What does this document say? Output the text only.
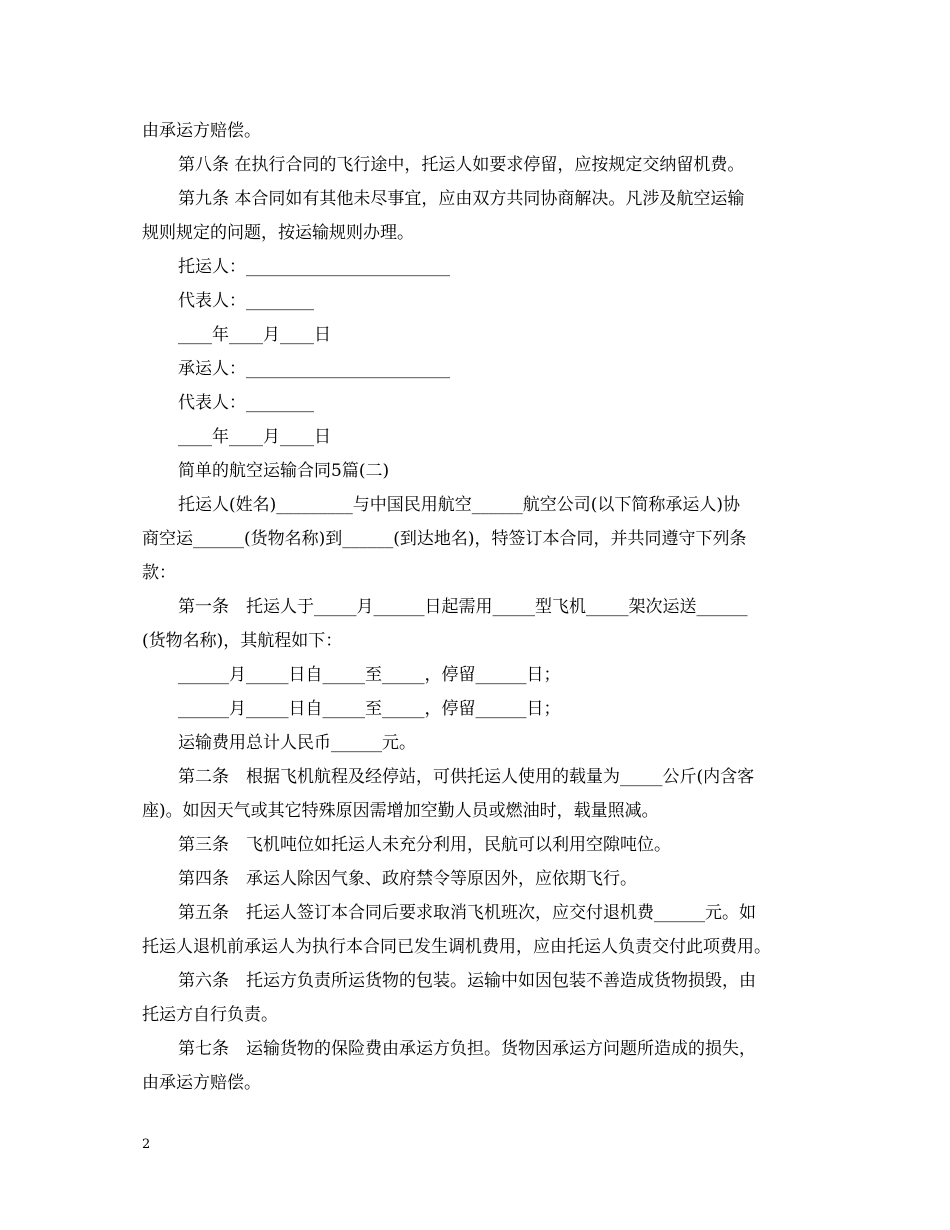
由承运方赔偿。
第八条 在执行合同的飞行途中，托运人如要求停留，应按规定交纳留机费。
第九条 本合同如有其他未尽事宜，应由双方共同协商解决。凡涉及航空运输
规则规定的问题，按运输规则办理。
托运人：________________________
代表人：________
____年____月____日
承运人：________________________
代表人：________
____年____月____日
简单的航空运输合同5篇(二)
托运人(姓名)_________与中国民用航空______航空公司(以下简称承运人)协
商空运______(货物名称)到______(到达地名)，特签订本合同，并共同遵守下列条
款：
第一条　托运人于_____月______日起需用_____型飞机_____架次运送______
(货物名称)，其航程如下：
______月_____日自_____至_____，停留______日；
______月_____日自_____至_____，停留______日；
运输费用总计人民币______元。
第二条　根据飞机航程及经停站，可供托运人使用的载量为_____公斤(内含客
座)。如因天气或其它特殊原因需增加空勤人员或燃油时，载量照减。
第三条　飞机吨位如托运人未充分利用，民航可以利用空隙吨位。
第四条　承运人除因气象、政府禁令等原因外，应依期飞行。
第五条　托运人签订本合同后要求取消飞机班次，应交付退机费______元。如
托运人退机前承运人为执行本合同已发生调机费用，应由托运人负责交付此项费用。
第六条　托运方负责所运货物的包装。运输中如因包装不善造成货物损毁，由
托运方自行负责。
第七条　运输货物的保险费由承运方负担。货物因承运方问题所造成的损失，
由承运方赔偿。
2
